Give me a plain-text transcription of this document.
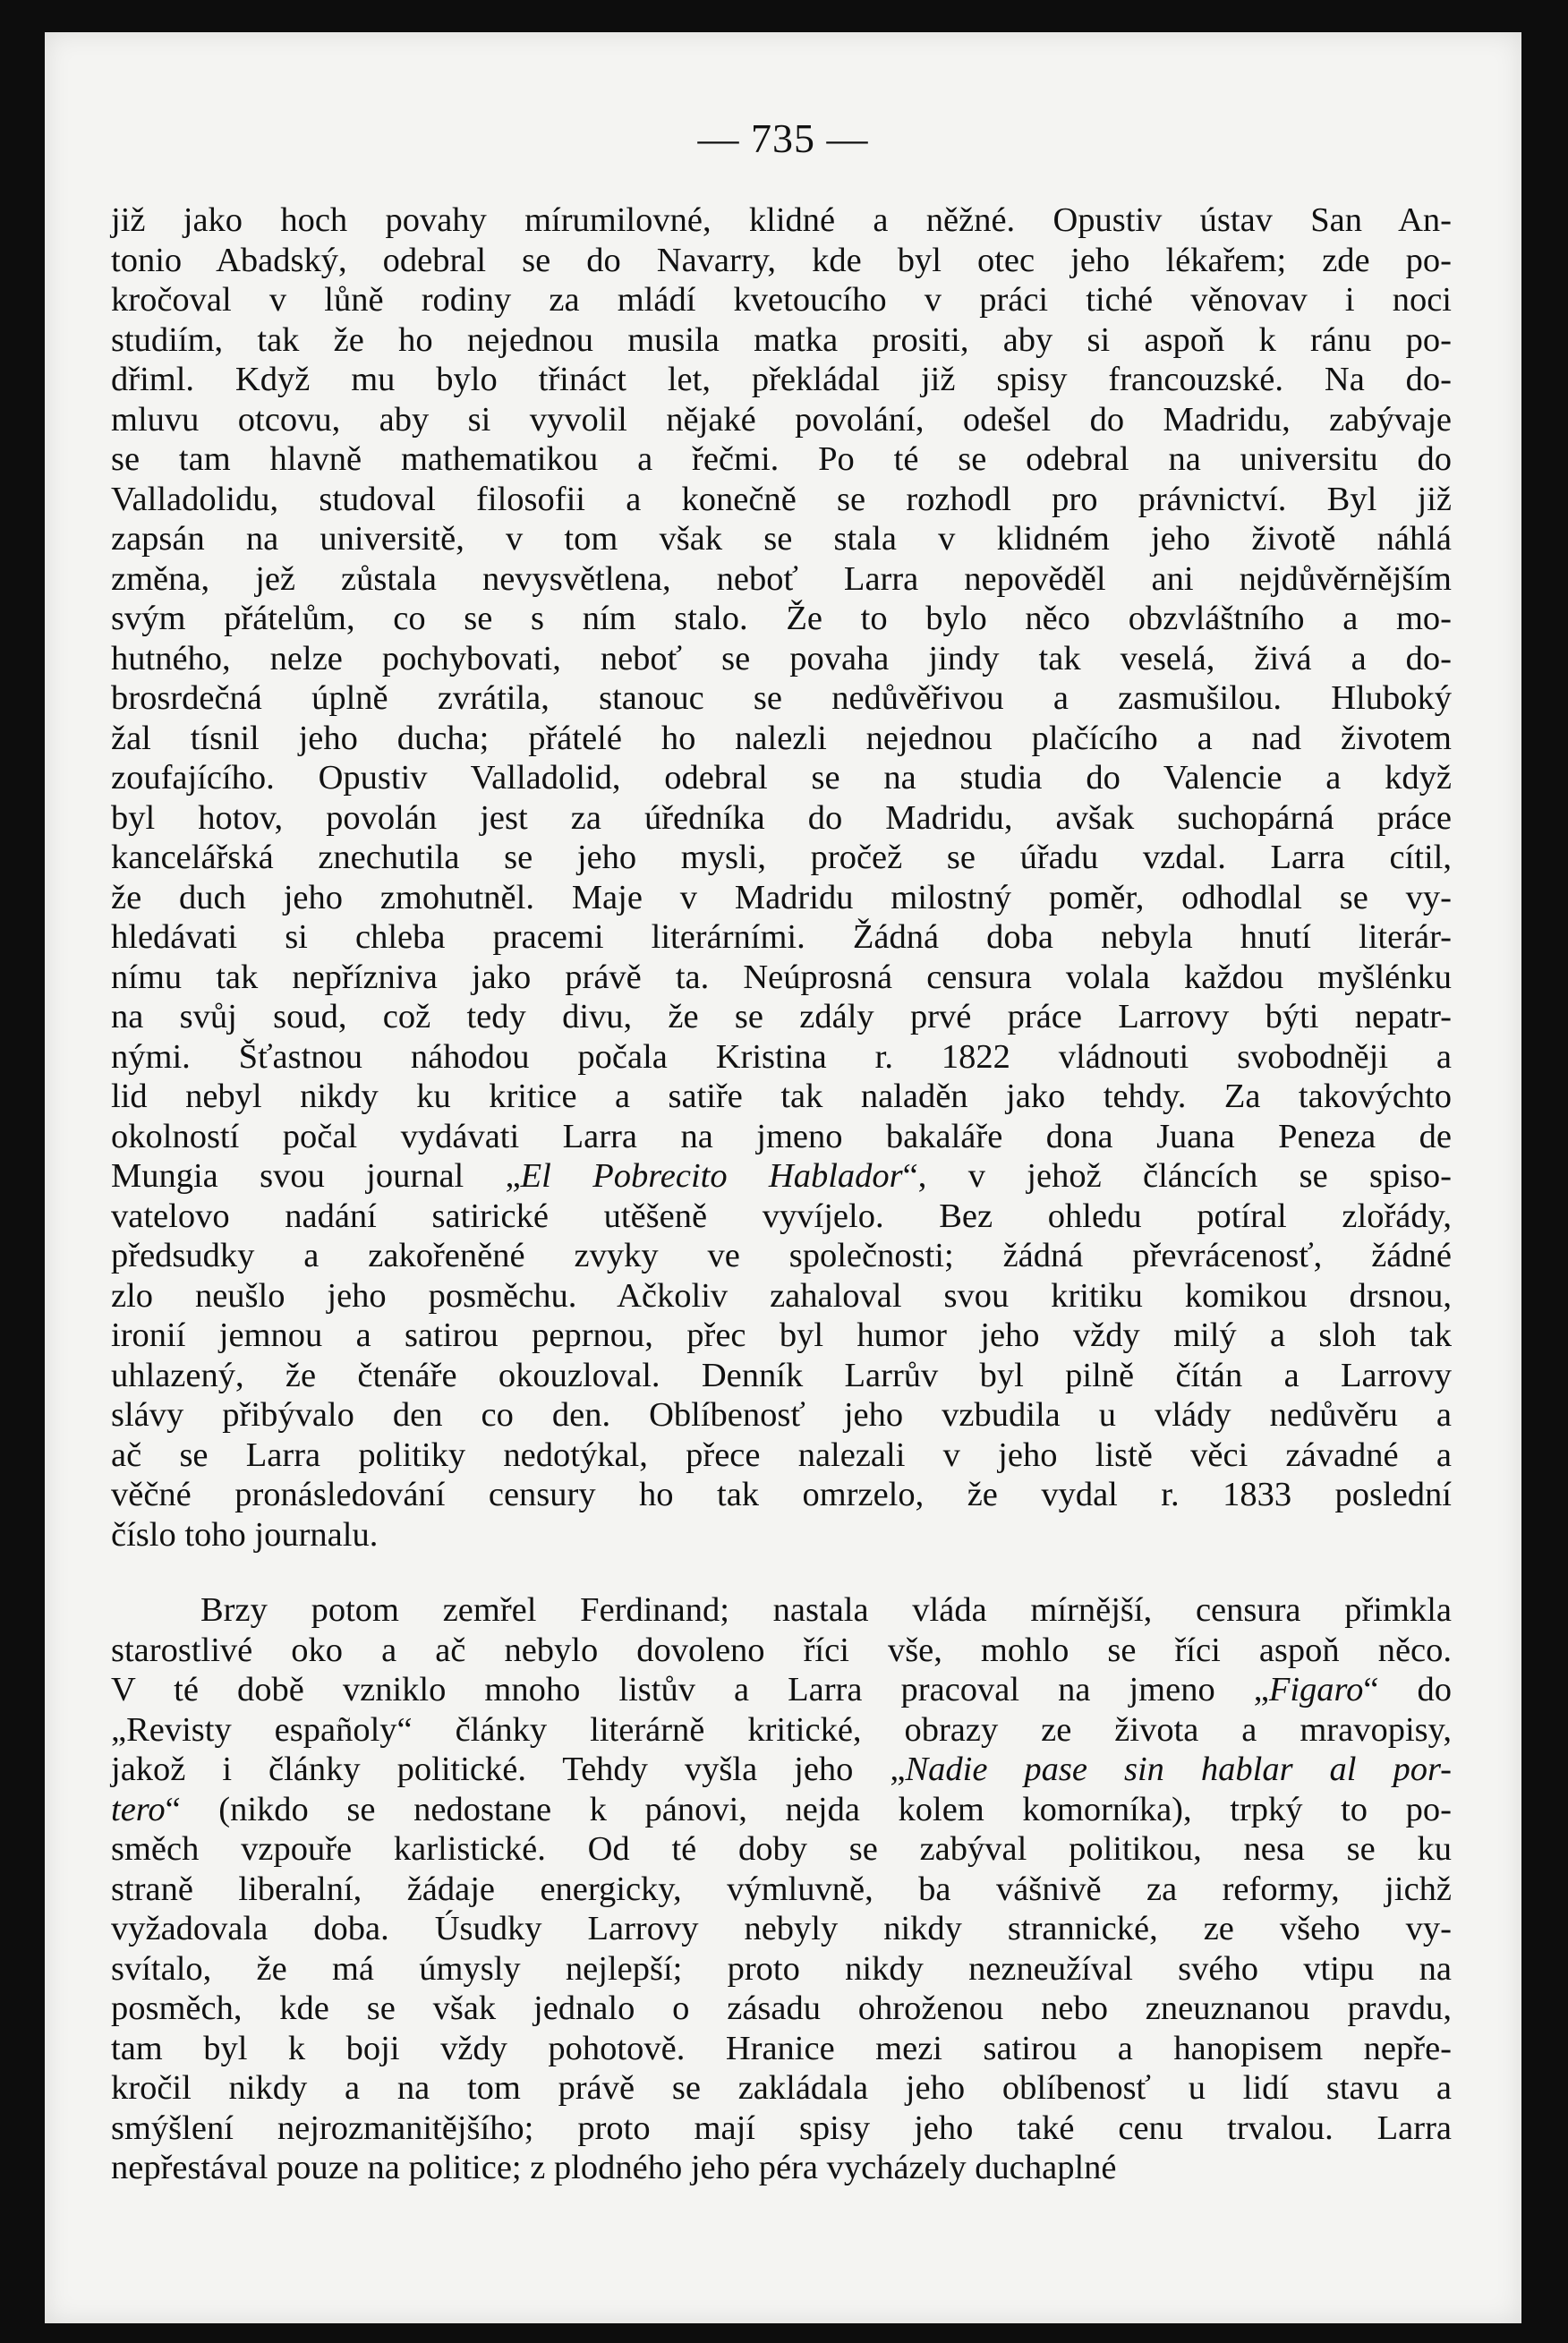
— 735 —
již jako hoch povahy mírumilovné, klidné a něžné. Opustiv ústav San An-
tonio Abadský, odebral se do Navarry, kde byl otec jeho lékařem; zde po-
kročoval v lůně rodiny za mládí kvetoucího v práci tiché věnovav i noci
studiím, tak že ho nejednou musila matka prositi, aby si aspoň k ránu po-
dřiml. Když mu bylo třináct let, překládal již spisy francouzské. Na do-
mluvu otcovu, aby si vyvolil nějaké povolání, odešel do Madridu, zabývaje
se tam hlavně mathematikou a řečmi. Po té se odebral na universitu do
Valladolidu, studoval filosofii a konečně se rozhodl pro právnictví. Byl již
zapsán na universitě, v tom však se stala v klidném jeho životě náhlá
změna, jež zůstala nevysvětlena, neboť Larra nepověděl ani nejdůvěrnějším
svým přátelům, co se s ním stalo. Že to bylo něco obzvláštního a mo-
hutného, nelze pochybovati, neboť se povaha jindy tak veselá, živá a do-
brosrdečná úplně zvrátila, stanouc se nedůvěřivou a zasmušilou. Hluboký
žal tísnil jeho ducha; přátelé ho nalezli nejednou plačícího a nad životem
zoufajícího. Opustiv Valladolid, odebral se na studia do Valencie a když
byl hotov, povolán jest za úředníka do Madridu, avšak suchopárná práce
kancelářská znechutila se jeho mysli, pročež se úřadu vzdal. Larra cítil,
že duch jeho zmohutněl. Maje v Madridu milostný poměr, odhodlal se vy-
hledávati si chleba pracemi literárními. Žádná doba nebyla hnutí literár-
nímu tak nepřízniva jako právě ta. Neúprosná censura volala každou myšlénku
na svůj soud, což tedy divu, že se zdály prvé práce Larrovy býti nepatr-
nými. Šťastnou náhodou počala Kristina r. 1822 vládnouti svobodněji a
lid nebyl nikdy ku kritice a satiře tak naladěn jako tehdy. Za takovýchto
okolností počal vydávati Larra na jmeno bakaláře dona Juana Peneza de
Mungia svou journal „El Pobrecito Hablador“, v jehož článcích se spiso-
vatelovo nadání satirické utěšeně vyvíjelo. Bez ohledu potíral zlořády,
předsudky a zakořeněné zvyky ve společnosti; žádná převrácenosť, žádné
zlo neušlo jeho posměchu. Ačkoliv zahaloval svou kritiku komikou drsnou,
ironií jemnou a satirou peprnou, přec byl humor jeho vždy milý a sloh tak
uhlazený, že čtenáře okouzloval. Denník Larrův byl pilně čítán a Larrovy
slávy přibývalo den co den. Oblíbenosť jeho vzbudila u vlády nedůvěru a
ač se Larra politiky nedotýkal, přece nalezali v jeho listě věci závadné a
věčné pronásledování censury ho tak omrzelo, že vydal r. 1833 poslední
číslo toho journalu.
Brzy potom zemřel Ferdinand; nastala vláda mírnější, censura přimkla
starostlivé oko a ač nebylo dovoleno říci vše, mohlo se říci aspoň něco.
V té době vzniklo mnoho listův a Larra pracoval na jmeno „Figaro“ do
„Revisty españoly“ články literárně kritické, obrazy ze života a mravopisy,
jakož i články politické. Tehdy vyšla jeho „Nadie pase sin hablar al por-
tero“ (nikdo se nedostane k pánovi, nejda kolem komorníka), trpký to po-
směch vzpouře karlistické. Od té doby se zabýval politikou, nesa se ku
straně liberalní, žádaje energicky, výmluvně, ba vášnivě za reformy, jichž
vyžadovala doba. Úsudky Larrovy nebyly nikdy strannické, ze všeho vy-
svítalo, že má úmysly nejlepší; proto nikdy nezneužíval svého vtipu na
posměch, kde se však jednalo o zásadu ohroženou nebo zneuznanou pravdu,
tam byl k boji vždy pohotově. Hranice mezi satirou a hanopisem nepře-
kročil nikdy a na tom právě se zakládala jeho oblíbenosť u lidí stavu a
smýšlení nejrozmanitějšího; proto mají spisy jeho také cenu trvalou. Larra
nepřestával pouze na politice; z plodného jeho péra vycházely duchaplné
